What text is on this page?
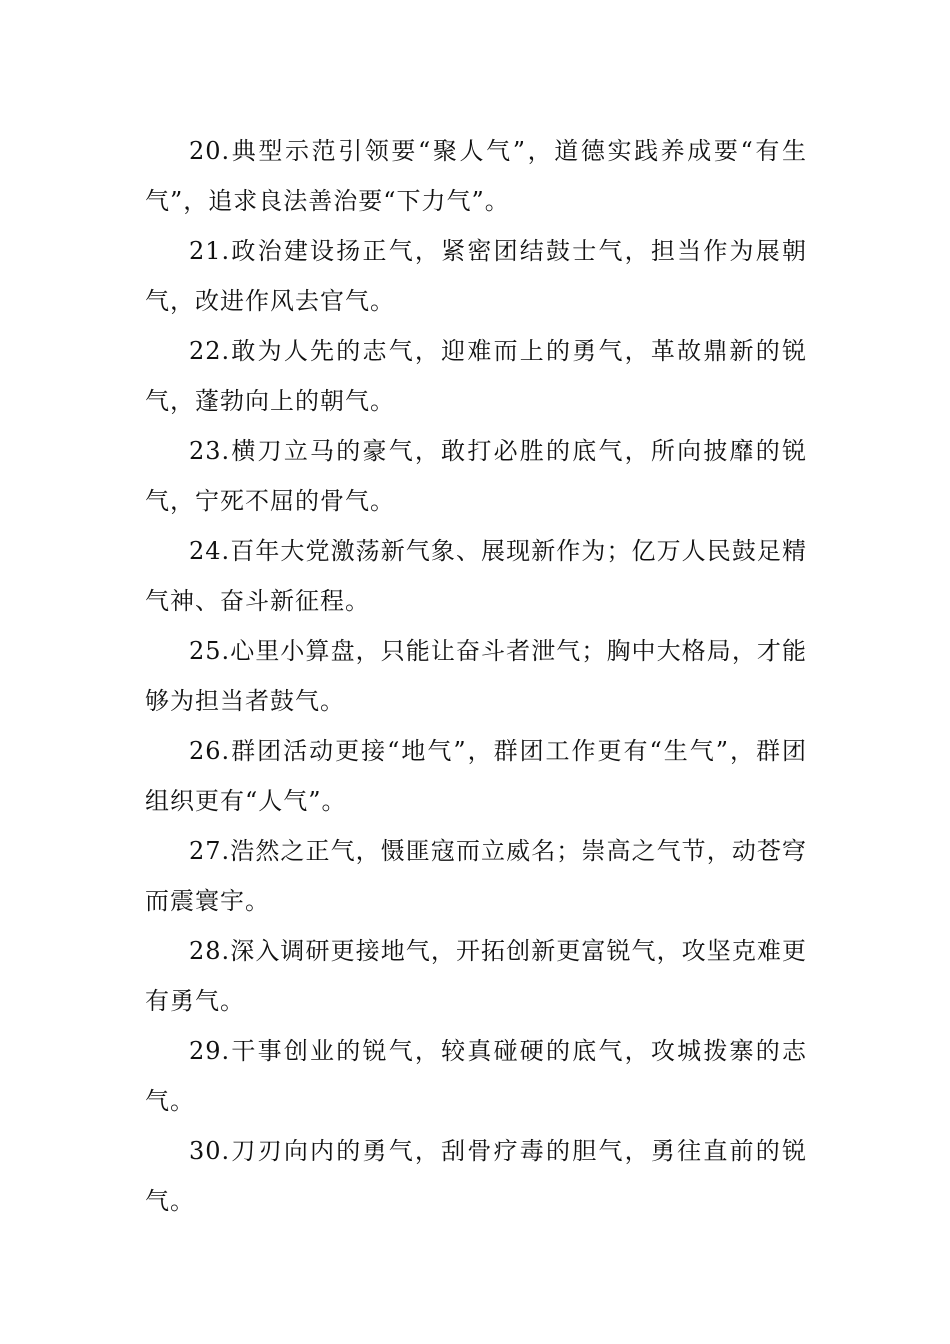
20.典型示范引领要“聚人气”，道德实践养成要“有生气”，追求良法善治要“下力气”。

21.政治建设扬正气，紧密团结鼓士气，担当作为展朝气，改进作风去官气。

22.敢为人先的志气，迎难而上的勇气，革故鼎新的锐气，蓬勃向上的朝气。

23.横刀立马的豪气，敢打必胜的底气，所向披靡的锐气，宁死不屈的骨气。

24.百年大党激荡新气象、展现新作为；亿万人民鼓足精气神、奋斗新征程。

25.心里小算盘，只能让奋斗者泄气；胸中大格局，才能够为担当者鼓气。

26.群团活动更接“地气”，群团工作更有“生气”，群团组织更有“人气”。

27.浩然之正气，慑匪寇而立威名；崇高之气节，动苍穹而震寰宇。

28.深入调研更接地气，开拓创新更富锐气，攻坚克难更有勇气。

29.干事创业的锐气，较真碰硬的底气，攻城拨寨的志气。

30.刀刃向内的勇气，刮骨疗毒的胆气，勇往直前的锐气。
